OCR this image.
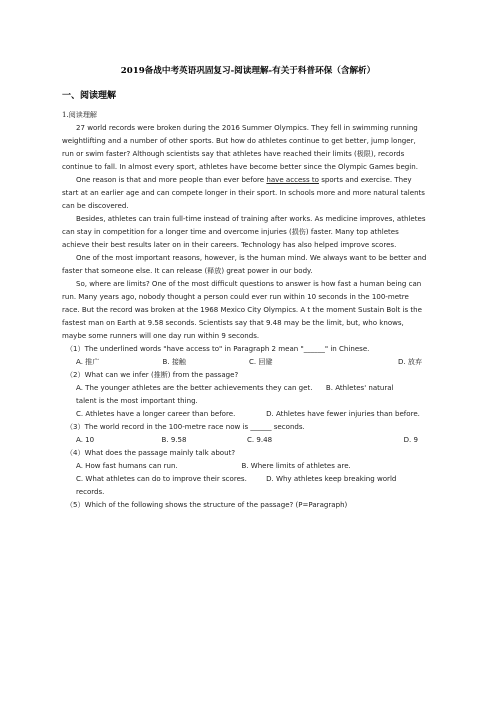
2019备战中考英语巩固复习-阅读理解-有关于科普环保（含解析）
一、阅读理解

1.阅读理解

27 world records were broken during the 2016 Summer Olympics. They fell in swimming running weightlifting and a number of other sports. But how do athletes continue to get better, jump longer, run or swim faster? Although scientists say that athletes have reached their limits (极限), records continue to fall. In almost every sport, athletes have become better since the Olympic Games begin.

One reason is that and more people than ever before have access to sports and exercise. They start at an earlier age and can compete longer in their sport. In schools more and more natural talents can be discovered.

Besides, athletes can train full-time instead of training after works. As medicine improves, athletes can stay in competition for a longer time and overcome injuries (损伤) faster. Many top athletes achieve their best results later on in their careers. Technology has also helped improve scores.

One of the most important reasons, however, is the human mind. We always want to be better and faster that someone else. It can release (释放) great power in our body.

So, where are limits? One of the most difficult questions to answer is how fast a human being can run. Many years ago, nobody thought a person could ever run within 10 seconds in the 100-metre race. But the record was broken at the 1968 Mexico City Olympics. A t the moment Sustain Bolt is the fastest man on Earth at 9.58 seconds. Scientists say that 9.48 may be the limit, but, who knows, maybe some runners will one day run within 9 seconds.

（1）The underlined words "have access to" in Paragraph 2 mean "______" in Chinese.

A. 推广	B. 接触	C. 回避	D. 放弃

（2）What can we infer (推断) from the passage?

A. The younger athletes are the better achievements they can get.	B. Athletes' natural

talent is the most important thing.

C. Athletes have a longer career than before.	D. Athletes have fewer injuries than before.

（3）The world record in the 100-metre race now is ______ seconds.

A. 10	B. 9.58	C. 9.48	D. 9

（4）What does the passage mainly talk about?

A. How fast humans can run.	B. Where limits of athletes are.
C. What athletes can do to improve their scores.	D. Why athletes keep breaking world

records.

（5）Which of the following shows the structure of the passage? (P=Paragraph)
